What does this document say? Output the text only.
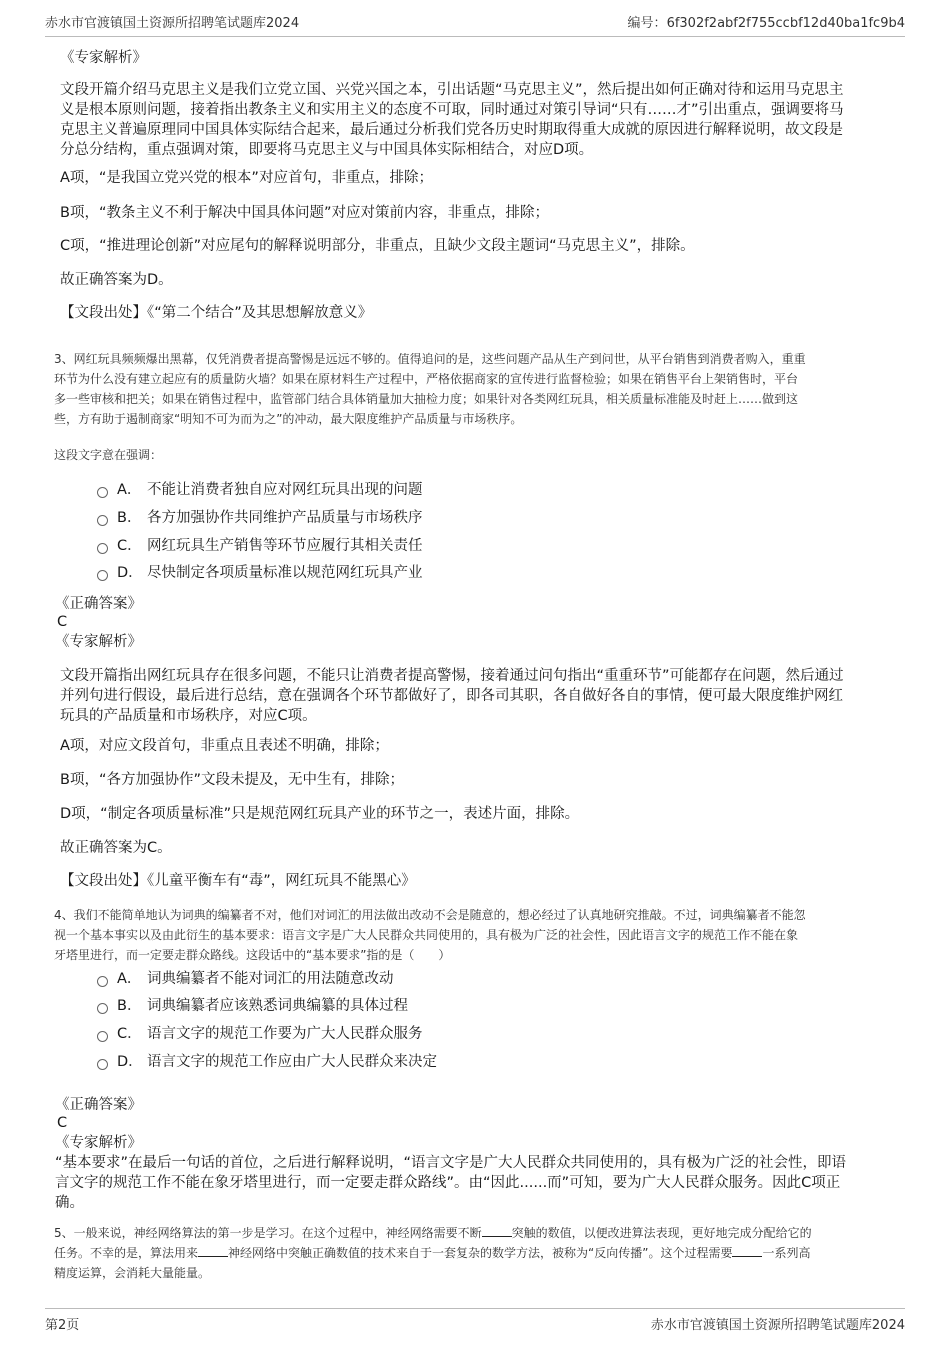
赤水市官渡镇国土资源所招聘笔试题库2024	编号：6f302f2abf2f755ccbf12d40ba1fc9b4
《专家解析》
文段开篇介绍马克思主义是我们立党立国、兴党兴国之本，引出话题“马克思主义”，然后提出如何正确对待和运用马克思主
义是根本原则问题，接着指出教条主义和实用主义的态度不可取，同时通过对策引导词“只有……才”引出重点，强调要将马
克思主义普遍原理同中国具体实际结合起来，最后通过分析我们党各历史时期取得重大成就的原因进行解释说明，故文段是
分总分结构，重点强调对策，即要将马克思主义与中国具体实际相结合，对应D项。
A项，“是我国立党兴党的根本”对应首句，非重点，排除；
B项，“教条主义不利于解决中国具体问题”对应对策前内容，非重点，排除；
C项，“推进理论创新”对应尾句的解释说明部分，非重点，且缺少文段主题词“马克思主义”，排除。
故正确答案为D。
【文段出处】《“第二个结合”及其思想解放意义》
3、网红玩具频频爆出黑幕，仅凭消费者提高警惕是远远不够的。值得追问的是，这些问题产品从生产到问世，从平台销售到消费者购入，重重
环节为什么没有建立起应有的质量防火墙？如果在原材料生产过程中，严格依据商家的宣传进行监督检验；如果在销售平台上架销售时，平台
多一些审核和把关；如果在销售过程中，监管部门结合具体销量加大抽检力度；如果针对各类网红玩具，相关质量标准能及时赶上……做到这
些，方有助于遏制商家“明知不可为而为之”的冲动，最大限度维护产品质量与市场秩序。
这段文字意在强调：
A． 不能让消费者独自应对网红玩具出现的问题
B． 各方加强协作共同维护产品质量与市场秩序
C． 网红玩具生产销售等环节应履行其相关责任
D． 尽快制定各项质量标准以规范网红玩具产业
《正确答案》
C
《专家解析》
文段开篇指出网红玩具存在很多问题，不能只让消费者提高警惕，接着通过问句指出“重重环节”可能都存在问题，然后通过
并列句进行假设，最后进行总结，意在强调各个环节都做好了，即各司其职，各自做好各自的事情，便可最大限度维护网红
玩具的产品质量和市场秩序，对应C项。
A项，对应文段首句，非重点且表述不明确，排除；
B项，“各方加强协作”文段未提及，无中生有，排除；
D项，“制定各项质量标准”只是规范网红玩具产业的环节之一，表述片面，排除。
故正确答案为C。
【文段出处】《儿童平衡车有“毒”，网红玩具不能黑心》
4、我们不能简单地认为词典的编纂者不对，他们对词汇的用法做出改动不会是随意的，想必经过了认真地研究推敲。不过，词典编纂者不能忽
视一个基本事实以及由此衍生的基本要求：语言文字是广大人民群众共同使用的，具有极为广泛的社会性，因此语言文字的规范工作不能在象
牙塔里进行，而一定要走群众路线。这段话中的“基本要求”指的是（　　）
A． 词典编纂者不能对词汇的用法随意改动
B． 词典编纂者应该熟悉词典编纂的具体过程
C． 语言文字的规范工作要为广大人民群众服务
D． 语言文字的规范工作应由广大人民群众来决定
《正确答案》
C
《专家解析》
“基本要求”在最后一句话的首位，之后进行解释说明，“语言文字是广大人民群众共同使用的，具有极为广泛的社会性，即语
言文字的规范工作不能在象牙塔里进行，而一定要走群众路线”。由“因此......而”可知，要为广大人民群众服务。因此C项正
确。
5、一般来说，神经网络算法的第一步是学习。在这个过程中，神经网络需要不断	突触的数值，以便改进算法表现，更好地完成分配给它的
任务。不幸的是，算法用来	神经网络中突触正确数值的技术来自于一套复杂的数学方法，被称为“反向传播”。这个过程需要	一系列高
精度运算，会消耗大量能量。
第2页	赤水市官渡镇国土资源所招聘笔试题库2024
